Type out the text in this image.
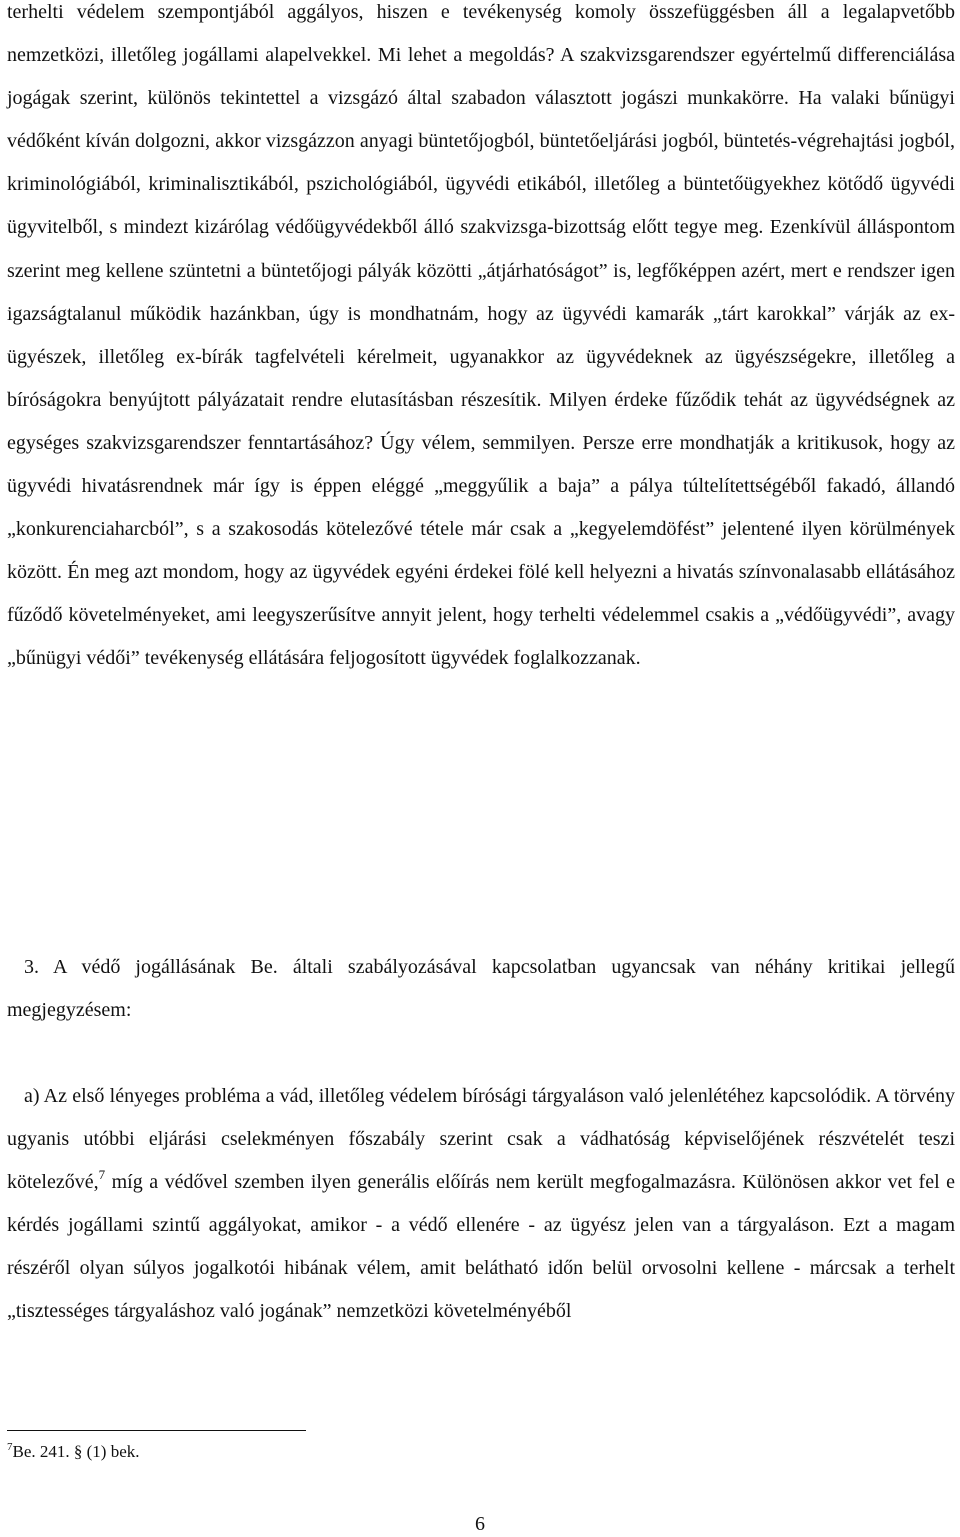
terhelti védelem szempontjából aggályos, hiszen e tevékenység komoly összefüggésben áll a legalapvetőbb nemzetközi, illetőleg jogállami alapelvekkel. Mi lehet a megoldás? A szakvizsgarendszer egyértelmű differenciálása jogágak szerint, különös tekintettel a vizsgázó által szabadon választott jogászi munkakörre. Ha valaki bűnügyi védőként kíván dolgozni, akkor vizsgázzon anyagi büntetőjogból, büntetőeljárási jogból, büntetés-végrehajtási jogból, kriminológiából, kriminalisztikából, pszichológiából, ügyvédi etikából, illetőleg a büntetőügyekhez kötődő ügyvédi ügyvitelből, s mindezt kizárólag védőügyvédekből álló szakvizsga-bizottság előtt tegye meg. Ezenkívül álláspontom szerint meg kellene szüntetni a büntetőjogi pályák közötti „átjárhatóságot” is, legfőképpen azért, mert e rendszer igen igazságtalanul működik hazánkban, úgy is mondhatnám, hogy az ügyvédi kamarák „tárt karokkal” várják az ex-ügyészek, illetőleg ex-bírák tagfelvételi kérelmeit, ugyanakkor az ügyvédeknek az ügyészségekre, illetőleg a bíróságokra benyújtott pályázatait rendre elutasításban részesítik. Milyen érdeke fűződik tehát az ügyvédségnek az egységes szakvizsgarendszer fenntartásához? Úgy vélem, semmilyen. Persze erre mondhatják a kritikusok, hogy az ügyvédi hivatásrendnek már így is éppen eléggé „meggyűlik a baja” a pálya túltelítettségéből fakadó, állandó „konkurenciaharcból”, s a szakosodás kötelezővé tétele már csak a „kegyelemdöfést” jelentené ilyen körülmények között. Én meg azt mondom, hogy az ügyvédek egyéni érdekei fölé kell helyezni a hivatás színvonalasabb ellátásához fűződő követelményeket, ami leegyszerűsítve annyit jelent, hogy terhelti védelemmel csakis a „védőügyvédi”, avagy „bűnügyi védői” tevékenység ellátására feljogosított ügyvédek foglalkozzanak.

3. A védő jogállásának Be. általi szabályozásával kapcsolatban ugyancsak van néhány kritikai jellegű megjegyzésem:

a) Az első lényeges probléma a vád, illetőleg védelem bírósági tárgyaláson való jelenlétéhez kapcsolódik. A törvény ugyanis utóbbi eljárási cselekményen főszabály szerint csak a vádhatóság képviselőjének részvételét teszi kötelezővé,$^7$ míg a védővel szemben ilyen generális előírás nem került megfogalmazásra. Különösen akkor vet fel e kérdés jogállami szintű aggályokat, amikor - a védő ellenére - az ügyész jelen van a tárgyaláson. Ezt a magam részéről olyan súlyos jogalkotói hibának vélem, amit belátható időn belül orvosolni kellene - márcsak a terhelt „tisztességes tárgyaláshoz való jogának” nemzetközi követelményéből

$^7$Be. 241. § (1) bek.
6
